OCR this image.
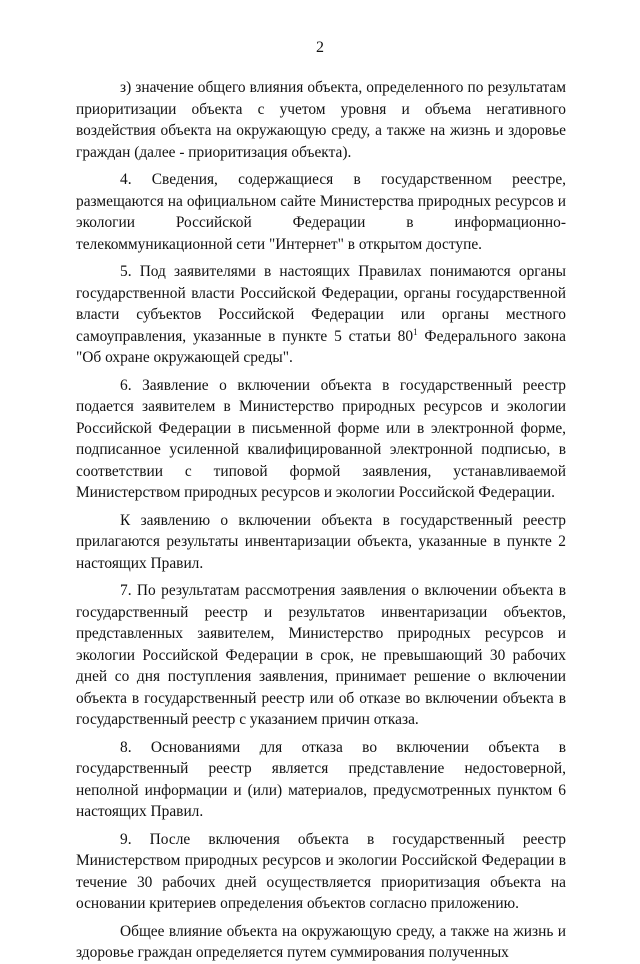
2

з) значение общего влияния объекта, определенного по результатам приоритизации объекта с учетом уровня и объема негативного воздействия объекта на окружающую среду, а также на жизнь и здоровье граждан (далее - приоритизация объекта).

4. Сведения, содержащиеся в государственном реестре, размещаются на официальном сайте Министерства природных ресурсов и экологии Российской Федерации в информационно-телекоммуникационной сети "Интернет" в открытом доступе.

5. Под заявителями в настоящих Правилах понимаются органы государственной власти Российской Федерации, органы государственной власти субъектов Российской Федерации или органы местного самоуправления, указанные в пункте 5 статьи $80^1$ Федерального закона "Об охране окружающей среды".

6. Заявление о включении объекта в государственный реестр подается заявителем в Министерство природных ресурсов и экологии Российской Федерации в письменной форме или в электронной форме, подписанное усиленной квалифицированной электронной подписью, в соответствии с типовой формой заявления, устанавливаемой Министерством природных ресурсов и экологии Российской Федерации.

К заявлению о включении объекта в государственный реестр прилагаются результаты инвентаризации объекта, указанные в пункте 2 настоящих Правил.

7. По результатам рассмотрения заявления о включении объекта в государственный реестр и результатов инвентаризации объектов, представленных заявителем, Министерство природных ресурсов и экологии Российской Федерации в срок, не превышающий 30 рабочих дней со дня поступления заявления, принимает решение о включении объекта в государственный реестр или об отказе во включении объекта в государственный реестр с указанием причин отказа.

8. Основаниями для отказа во включении объекта в государственный реестр является представление недостоверной, неполной информации и (или) материалов, предусмотренных пунктом 6 настоящих Правил.

9. После включения объекта в государственный реестр Министерством природных ресурсов и экологии Российской Федерации в течение 30 рабочих дней осуществляется приоритизация объекта на основании критериев определения объектов согласно приложению.

Общее влияние объекта на окружающую среду, а также на жизнь и здоровье граждан определяется путем суммирования полученных
